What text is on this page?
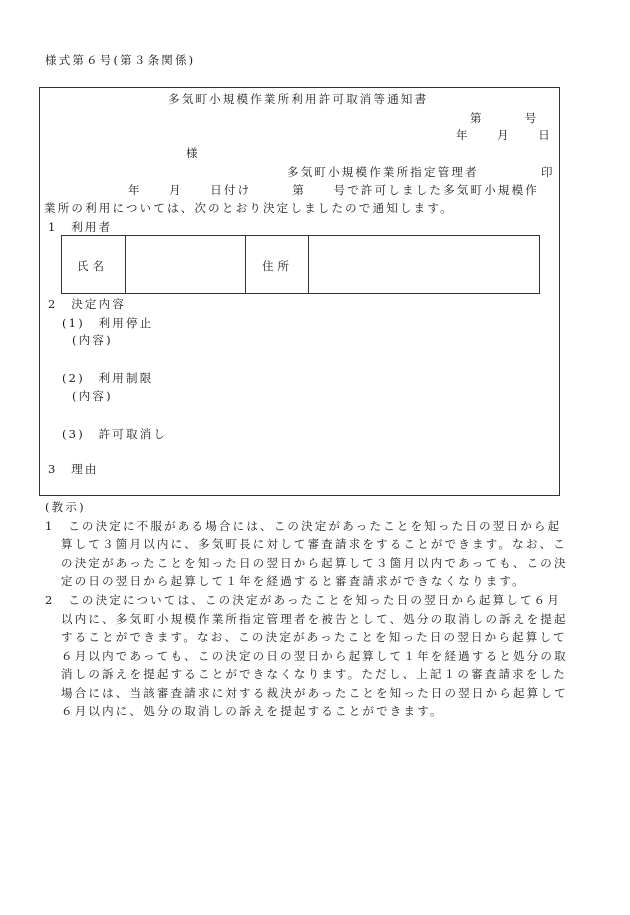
様式第６号(第３条関係)
多気町小規模作業所利用許可取消等通知書
第　　　号
年　　月　　日
様
多気町小規模作業所指定管理者	印
年　　月　　日付け　　　第　　号で許可しました多気町小規模作
業所の利用については、次のとおり決定しましたので通知します。
1　利用者
氏名	住所
2　決定内容
(1)　利用停止
(内容)
(2)　利用制限
(内容)
(3)　許可取消し
3　理由
(教示)
1　この決定に不服がある場合には、この決定があったことを知った日の翌日から起
算して３箇月以内に、多気町長に対して審査請求をすることができます。なお、こ
の決定があったことを知った日の翌日から起算して３箇月以内であっても、この決
定の日の翌日から起算して１年を経過すると審査請求ができなくなります。
2　この決定については、この決定があったことを知った日の翌日から起算して６月
以内に、多気町小規模作業所指定管理者を被告として、処分の取消しの訴えを提起
することができます。なお、この決定があったことを知った日の翌日から起算して
６月以内であっても、この決定の日の翌日から起算して１年を経過すると処分の取
消しの訴えを提起することができなくなります。ただし、上記１の審査請求をした
場合には、当該審査請求に対する裁決があったことを知った日の翌日から起算して
６月以内に、処分の取消しの訴えを提起することができます。
